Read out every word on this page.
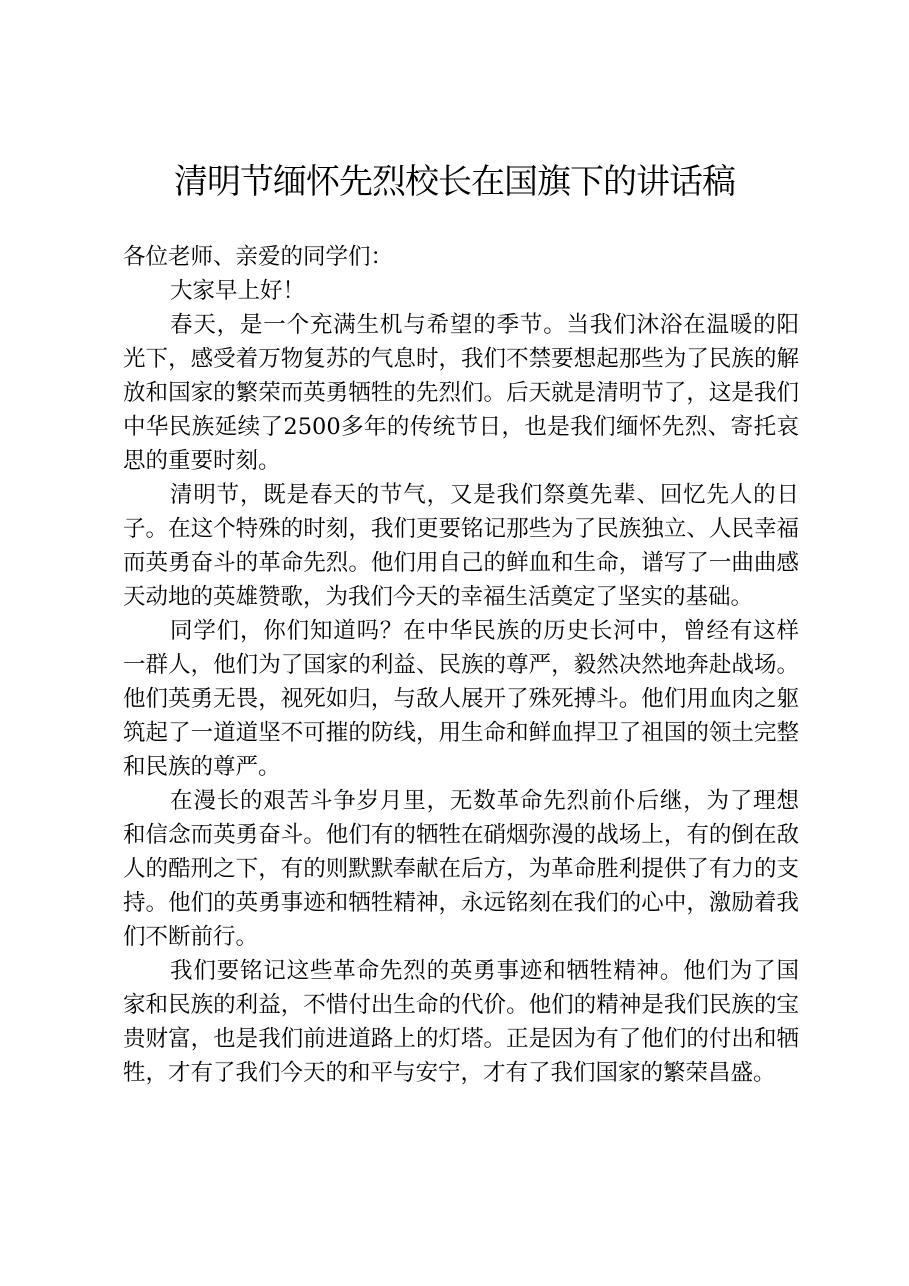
清明节缅怀先烈校长在国旗下的讲话稿

各位老师、亲爱的同学们：

大家早上好！

春天，是一个充满生机与希望的季节。当我们沐浴在温暖的阳光下，感受着万物复苏的气息时，我们不禁要想起那些为了民族的解放和国家的繁荣而英勇牺牲的先烈们。后天就是清明节了，这是我们中华民族延续了2500多年的传统节日，也是我们缅怀先烈、寄托哀思的重要时刻。

清明节，既是春天的节气，又是我们祭奠先辈、回忆先人的日子。在这个特殊的时刻，我们更要铭记那些为了民族独立、人民幸福而英勇奋斗的革命先烈。他们用自己的鲜血和生命，谱写了一曲曲感天动地的英雄赞歌，为我们今天的幸福生活奠定了坚实的基础。

同学们，你们知道吗？在中华民族的历史长河中，曾经有这样一群人，他们为了国家的利益、民族的尊严，毅然决然地奔赴战场。他们英勇无畏，视死如归，与敌人展开了殊死搏斗。他们用血肉之躯筑起了一道道坚不可摧的防线，用生命和鲜血捍卫了祖国的领土完整和民族的尊严。

在漫长的艰苦斗争岁月里，无数革命先烈前仆后继，为了理想和信念而英勇奋斗。他们有的牺牲在硝烟弥漫的战场上，有的倒在敌人的酷刑之下，有的则默默奉献在后方，为革命胜利提供了有力的支持。他们的英勇事迹和牺牲精神，永远铭刻在我们的心中，激励着我们不断前行。

我们要铭记这些革命先烈的英勇事迹和牺牲精神。他们为了国家和民族的利益，不惜付出生命的代价。他们的精神是我们民族的宝贵财富，也是我们前进道路上的灯塔。正是因为有了他们的付出和牺牲，才有了我们今天的和平与安宁，才有了我们国家的繁荣昌盛。
